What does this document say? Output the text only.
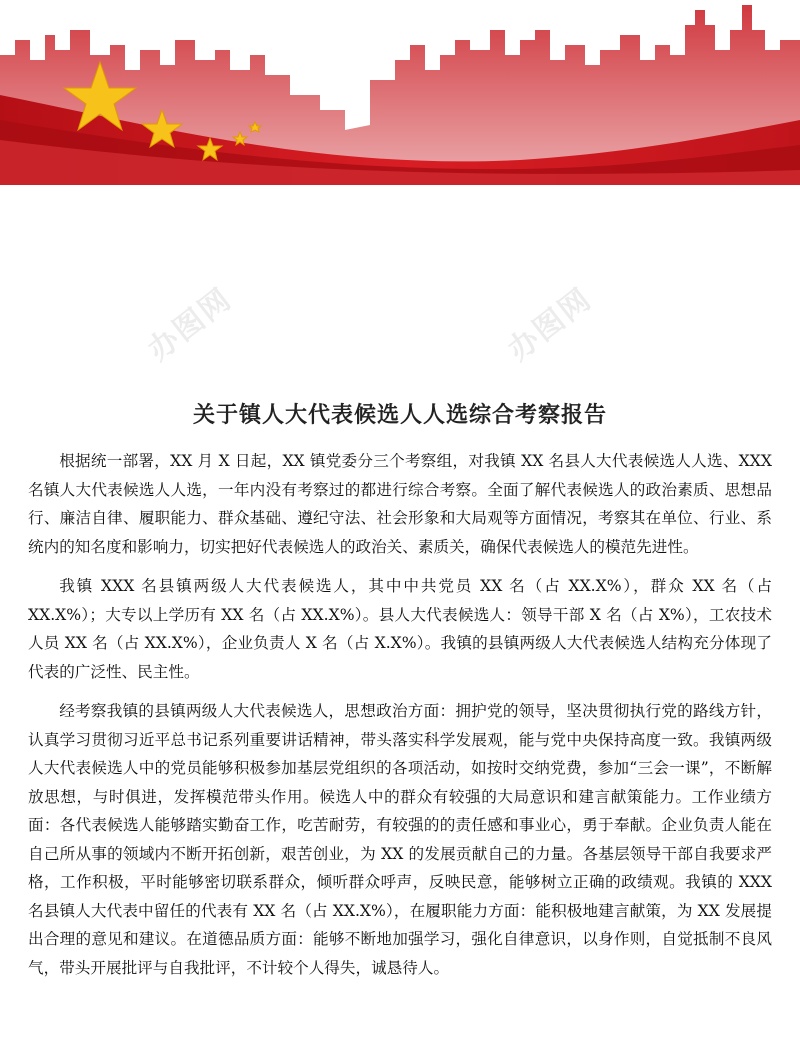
办图网	办图网
关于镇人大代表候选人人选综合考察报告

根据统一部署，XX 月 X 日起，XX 镇党委分三个考察组，对我镇 XX 名县人大代表候选人人选、XXX 名镇人大代表候选人人选，一年内没有考察过的都进行综合考察。全面了解代表候选人的政治素质、思想品行、廉洁自律、履职能力、群众基础、遵纪守法、社会形象和大局观等方面情况，考察其在单位、行业、系统内的知名度和影响力，切实把好代表候选人的政治关、素质关，确保代表候选人的模范先进性。

我镇 XXX 名县镇两级人大代表候选人，其中中共党员 XX 名（占 XX.X%），群众 XX 名（占 XX.X%）；大专以上学历有 XX 名（占 XX.X%）。县人大代表候选人：领导干部 X 名（占 X%），工农技术人员 XX 名（占 XX.X%），企业负责人 X 名（占 X.X%）。我镇的县镇两级人大代表候选人结构充分体现了代表的广泛性、民主性。

经考察我镇的县镇两级人大代表候选人，思想政治方面：拥护党的领导，坚决贯彻执行党的路线方针，认真学习贯彻习近平总书记系列重要讲话精神，带头落实科学发展观，能与党中央保持高度一致。我镇两级人大代表候选人中的党员能够积极参加基层党组织的各项活动，如按时交纳党费，参加“三会一课”，不断解放思想，与时俱进，发挥模范带头作用。候选人中的群众有较强的大局意识和建言献策能力。工作业绩方面：各代表候选人能够踏实勤奋工作，吃苦耐劳，有较强的的责任感和事业心，勇于奉献。企业负责人能在自己所从事的领域内不断开拓创新，艰苦创业，为 XX 的发展贡献自己的力量。各基层领导干部自我要求严格，工作积极，平时能够密切联系群众，倾听群众呼声，反映民意，能够树立正确的政绩观。我镇的 XXX 名县镇人大代表中留任的代表有 XX 名（占 XX.X%），在履职能力方面：能积极地建言献策，为 XX 发展提出合理的意见和建议。在道德品质方面：能够不断地加强学习，强化自律意识，以身作则，自觉抵制不良风气，带头开展批评与自我批评，不计较个人得失，诚恳待人。
